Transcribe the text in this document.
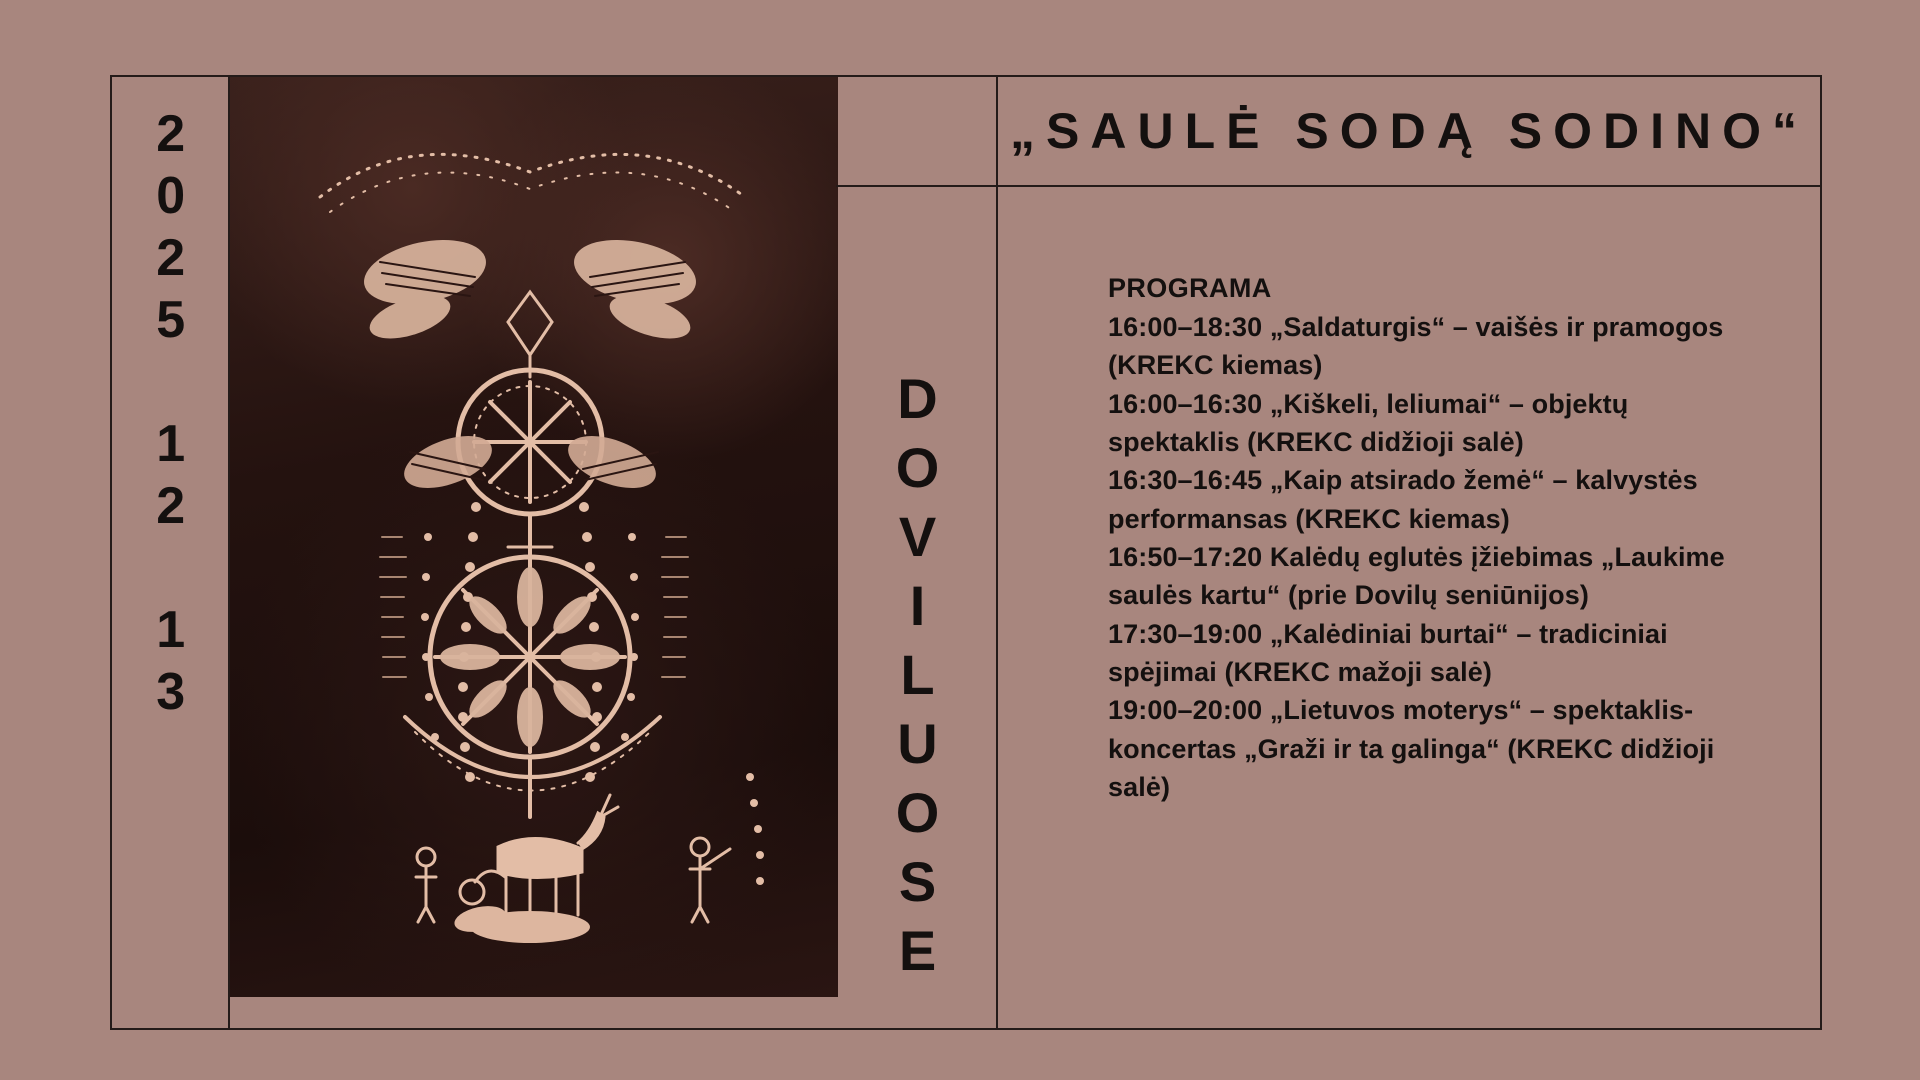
2025 12 13	DOVILUOSE
„SAULĖ SODĄ SODINO“
PROGRAMA
16:00–18:30 „Saldaturgis“ – vaišės ir pramogos (KREKC kiemas)
16:00–16:30 „Kiškeli, leliumai“ – objektų spektaklis (KREKC didžioji salė)
16:30–16:45 „Kaip atsirado žemė“ – kalvystės performansas (KREKC kiemas)
16:50–17:20 Kalėdų eglutės įžiebimas „Laukime saulės kartu“ (prie Dovilų seniūnijos)
17:30–19:00 „Kalėdiniai burtai“ – tradiciniai spėjimai (KREKC mažoji salė)
19:00–20:00 „Lietuvos moterys“ – spektaklis-koncertas „Graži ir ta galinga“ (KREKC didžioji salė)
